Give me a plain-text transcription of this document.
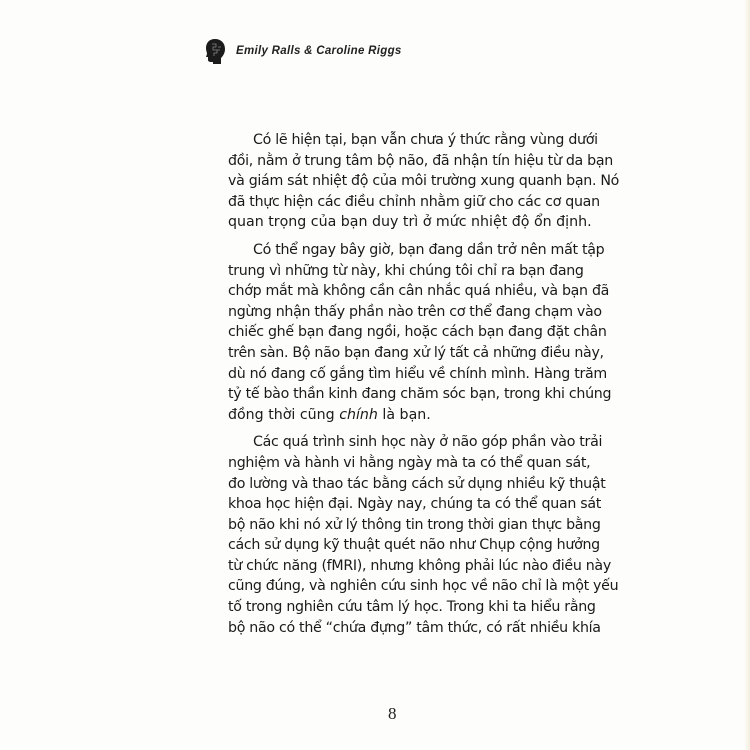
Emily Ralls & Caroline Riggs
Có lẽ hiện tại, bạn vẫn chưa ý thức rằng vùng dưới
đồi, nằm ở trung tâm bộ não, đã nhận tín hiệu từ da bạn
và giám sát nhiệt độ của môi trường xung quanh bạn. Nó
đã thực hiện các điều chỉnh nhằm giữ cho các cơ quan
quan trọng của bạn duy trì ở mức nhiệt độ ổn định.
Có thể ngay bây giờ, bạn đang dần trở nên mất tập
trung vì những từ này, khi chúng tôi chỉ ra bạn đang
chớp mắt mà không cần cân nhắc quá nhiều, và bạn đã
ngừng nhận thấy phần nào trên cơ thể đang chạm vào
chiếc ghế bạn đang ngồi, hoặc cách bạn đang đặt chân
trên sàn. Bộ não bạn đang xử lý tất cả những điều này,
dù nó đang cố gắng tìm hiểu về chính mình. Hàng trăm
tỷ tế bào thần kinh đang chăm sóc bạn, trong khi chúng
đồng thời cũng chính là bạn.
Các quá trình sinh học này ở não góp phần vào trải
nghiệm và hành vi hằng ngày mà ta có thể quan sát,
đo lường và thao tác bằng cách sử dụng nhiều kỹ thuật
khoa học hiện đại. Ngày nay, chúng ta có thể quan sát
bộ não khi nó xử lý thông tin trong thời gian thực bằng
cách sử dụng kỹ thuật quét não như Chụp cộng hưởng
từ chức năng (fMRI), nhưng không phải lúc nào điều này
cũng đúng, và nghiên cứu sinh học về não chỉ là một yếu
tố trong nghiên cứu tâm lý học. Trong khi ta hiểu rằng
bộ não có thể “chứa đựng” tâm thức, có rất nhiều khía
8
